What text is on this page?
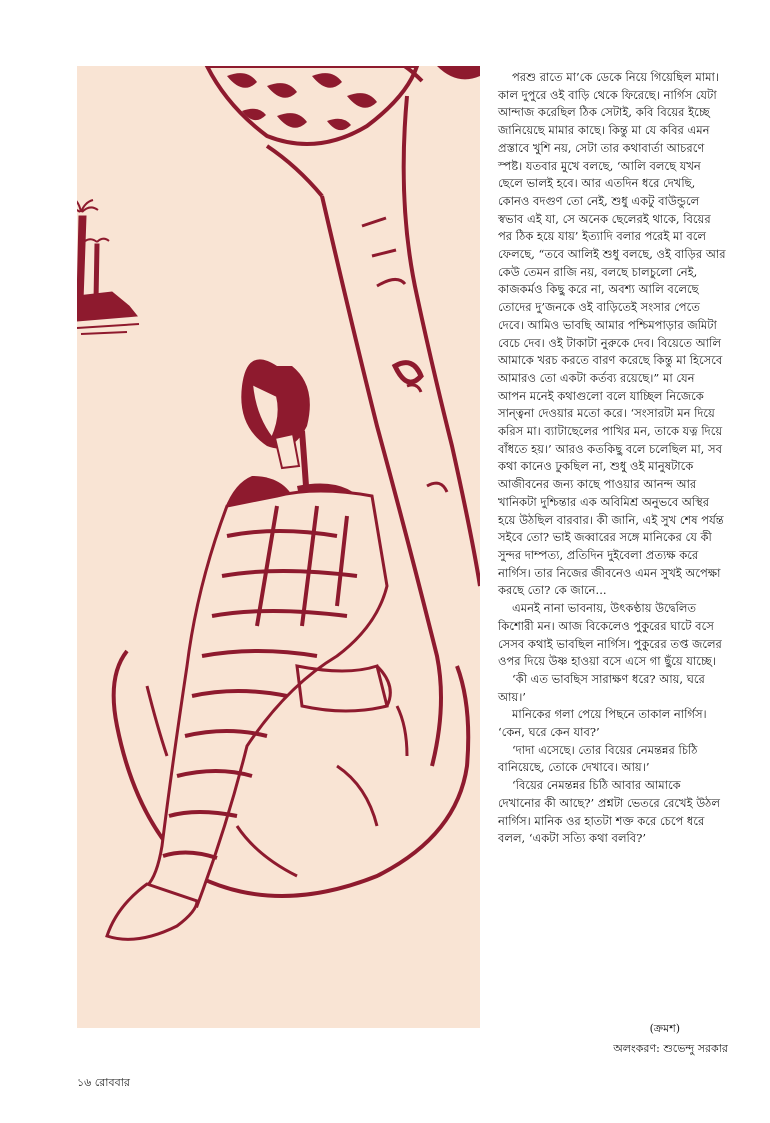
পরশু রাতে মা’কে ডেকে নিয়ে গিয়েছিল মামা। কাল দুপুরে ওই বাড়ি থেকে ফিরেছে। নার্গিস যেটা আন্দাজ করেছিল ঠিক সেটাই, কবি বিয়ের ইচ্ছে জানিয়েছে মামার কাছে। কিন্তু মা যে কবির এমন প্রস্তাবে খুশি নয়, সেটা তার কথাবার্তা আচরণে স্পষ্ট। যতবার মুখে বলছে, ‘আলি বলছে যখন ছেলে ভালই হবে। আর এতদিন ধরে দেখছি, কোনও বদগুণ তো নেই, শুধু একটু বাউন্ডুলে স্বভাব এই যা, সে অনেক ছেলেরই থাকে, বিয়ের পর ঠিক হয়ে যায়’ ইত্যাদি বলার পরেই মা বলে ফেলছে, “তবে আলিই শুধু বলছে, ওই বাড়ির আর কেউ তেমন রাজি নয়, বলছে চালচুলো নেই, কাজকর্মও কিছু করে না, অবশ্য আলি বলেছে তোদের দু’জনকে ওই বাড়িতেই সংসার পেতে দেবে। আমিও ভাবছি আমার পশ্চিমপাড়ার জমিটা বেচে দেব। ওই টাকাটা নুরুকে দেব। বিয়েতে আলি আমাকে খরচ করতে বারণ করেছে কিন্তু মা হিসেবে আমারও তো একটা কর্তব্য রয়েছে।” মা যেন আপন মনেই কথাগুলো বলে যাচ্ছিল নিজেকে সান্ত্বনা দেওয়ার মতো করে। ‘সংসারটা মন দিয়ে করিস মা। ব্যাটাছেলের পাখির মন, তাকে যত্ন দিয়ে বাঁধতে হয়।’ আরও কতকিছু বলে চলেছিল মা, সব কথা কানেও ঢুকছিল না, শুধু ওই মানুষটাকে আজীবনের জন্য কাছে পাওয়ার আনন্দ আর খানিকটা দুশ্চিন্তার এক অবিমিশ্র অনুভবে অস্থির হয়ে উঠছিল বারবার। কী জানি, এই সুখ শেষ পর্যন্ত সইবে তো? ভাই জব্বারের সঙ্গে মানিকের যে কী সুন্দর দাম্পত্য, প্রতিদিন দুইবেলা প্রত্যক্ষ করে নার্গিস। তার নিজের জীবনেও এমন সুখই অপেক্ষা করছে তো? কে জানে...

এমনই নানা ভাবনায়, উৎকণ্ঠায় উদ্বেলিত কিশোরী মন। আজ বিকেলেও পুকুরের ঘাটে বসে সেসব কথাই ভাবছিল নার্গিস। পুকুরের তপ্ত জলের ওপর দিয়ে উষ্ণ হাওয়া বসে এসে গা ছুঁয়ে যাচ্ছে।

‘কী এত ভাবছিস সারাক্ষণ ধরে? আয়, ঘরে আয়।’

মানিকের গলা পেয়ে পিছনে তাকাল নার্গিস। ‘কেন, ঘরে কেন যাব?’

‘দাদা এসেছে। তোর বিয়ের নেমন্তন্নর চিঠি বানিয়েছে, তোকে দেখাবে। আয়।’

‘বিয়ের নেমন্তন্নর চিঠি আবার আমাকে দেখানোর কী আছে?’ প্রশ্নটা ভেতরে রেখেই উঠল নার্গিস। মানিক ওর হাতটা শক্ত করে চেপে ধরে বলল, ‘একটা সত্যি কথা বলবি?’

(ক্রমশ)
অলংকরণ: শুভেন্দু সরকার
১৬ রোববার
